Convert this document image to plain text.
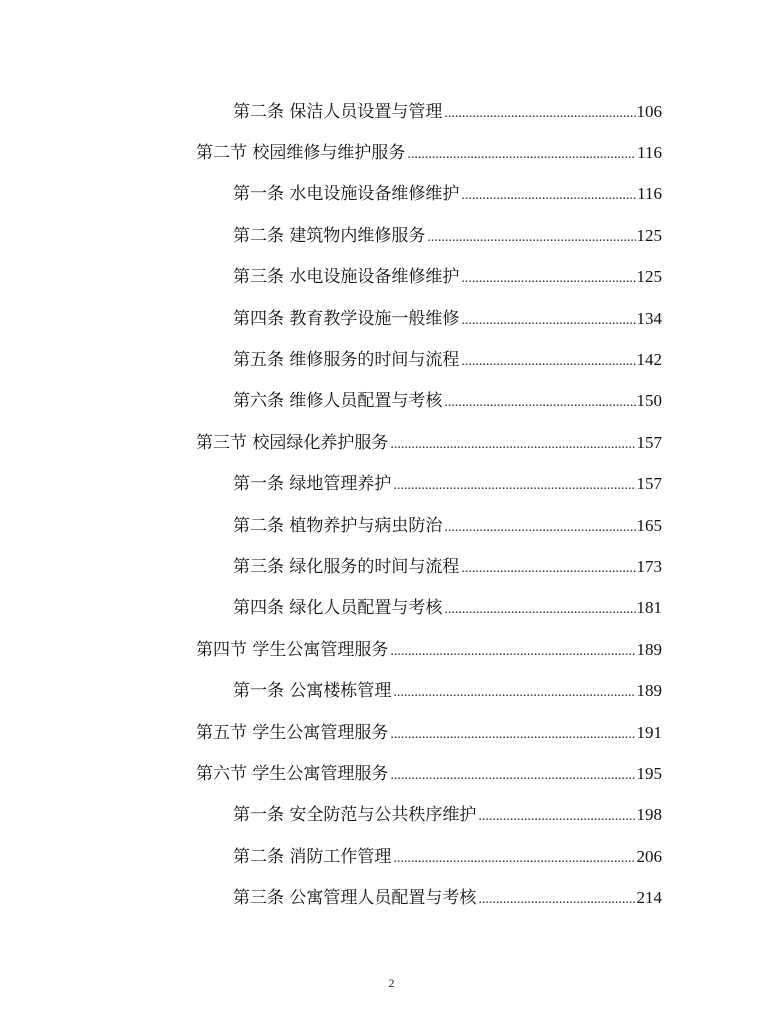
第二条 保洁人员设置与管理 .....	106
第二节 校园维修与维护服务 .....	116
第一条 水电设施设备维修维护 .....	116
第二条 建筑物内维修服务 .....	125
第三条 水电设施设备维修维护 .....	125
第四条 教育教学设施一般维修 .....	134
第五条 维修服务的时间与流程 .....	142
第六条 维修人员配置与考核 .....	150
第三节 校园绿化养护服务 .....	157
第一条 绿地管理养护 .....	157
第二条 植物养护与病虫防治 .....	165
第三条 绿化服务的时间与流程 .....	173
第四条 绿化人员配置与考核 .....	181
第四节 学生公寓管理服务 .....	189
第一条 公寓楼栋管理 .....	189
第五节 学生公寓管理服务 .....	191
第六节 学生公寓管理服务 .....	195
第一条 安全防范与公共秩序维护 .....	198
第二条 消防工作管理 .....	206
第三条 公寓管理人员配置与考核 .....	214
2
